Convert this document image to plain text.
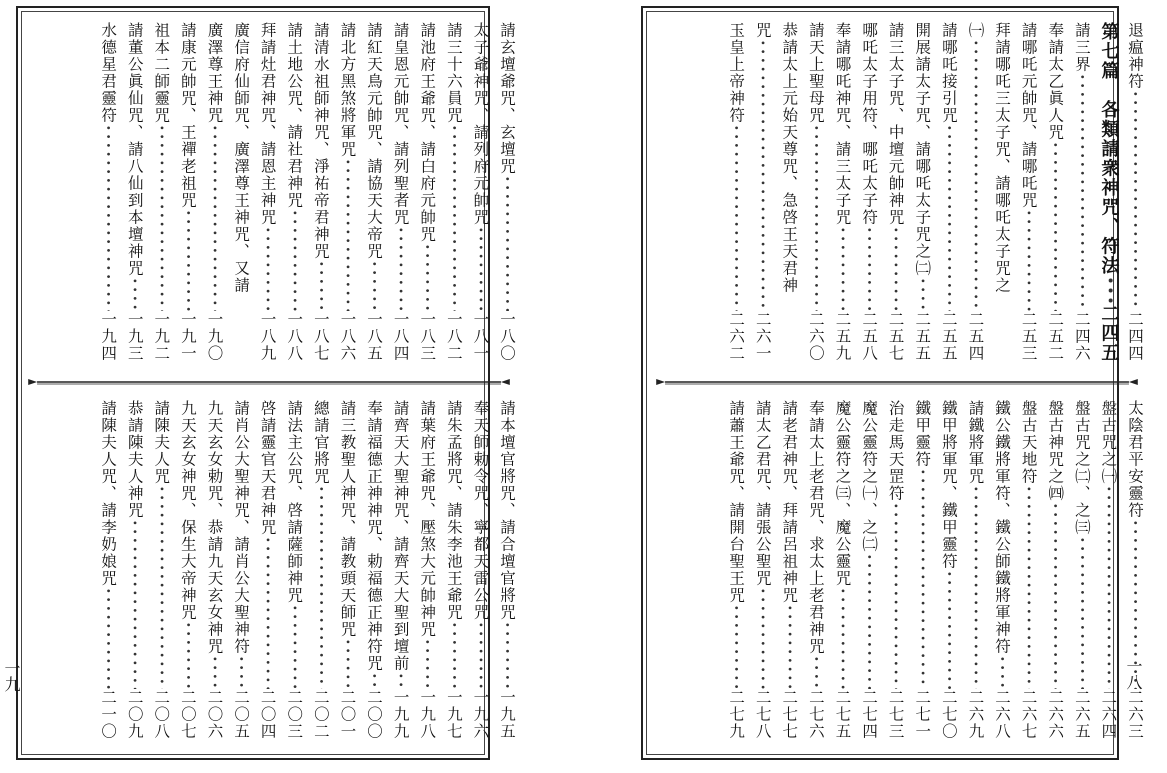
請玄壇爺咒、玄壇咒
･････････････････････････････････････････････････････････････
一八〇
太子爺神咒、請列府元帥咒
･････････････････････････････････････････････････････････････
一八一
請三十六員咒
･････････････････････････････････････････････････････････････
一八二
請池府王爺咒、請白府元帥咒
･････････････････････････････････････････････････････････････
一八三
請皇恩元帥咒、請列聖者咒
･････････････････････････････････････････････････････････････
一八四
請紅天鳥元帥咒、請協天大帝咒
･････････････････････････････････････････････････････････････
一八五
請北方黑煞將軍咒
･････････････････････････････････････････････････････････････
一八六
請清水祖師神咒、淨祐帝君神咒
･････････････････････････････････････････････････････････････
一八七
請土地公咒、請社君神咒
･････････････････････････････････････････････････････････････
一八八
拜請灶君神咒、請恩主神咒
･････････････････････････････････････････････････････････････
一八九
廣信府仙師咒、廣澤尊王神咒、又請
廣澤尊王神咒
･････････････････････････････････････････････････････････････
一九〇
請康元帥咒、王禪老祖咒
･････････････････････････････････････････････････････････････
一九一
祖本二師靈咒
･････････････････････････････････････････････････････････････
一九二
請董公眞仙咒、請八仙到本壇神咒
･････････････････････････････････････････････････････････････
一九三
水德星君靈符
･････････････････････････････････････････････････････････････
一九四
請本壇官將咒、請合壇官將咒
･････････････････････････････････････････････････････････････
一九五
奉天師勅令咒、寧都天雷公咒
･････････････････････････････････････････････････････････････
一九六
請朱孟將咒、請朱李池王爺咒
･････････････････････････････････････････････････････････････
一九七
請葉府王爺咒、壓煞大元帥神咒
･････････････････････････････････････････････････････････････
一九八
請齊天大聖神咒、請齊天大聖到壇前
･････････････････････････････････････････････････････････････
一九九
奉請福德正神神咒、勅福德正神符咒
･････････････････････････････････････････････････････････････
二〇〇
請三教聖人神咒、請教頭天師咒
･････････････････････････････････････････････････････････････
二〇一
總請官將咒
･････････････････････････････････････････････････････････････
二〇二
請法主公咒、啓請薩師神咒
･････････････････････････････････････････････････････････････
二〇三
啓請靈官天君神咒
･････････････････････････････････････････････････････････････
二〇四
請肖公大聖神咒、請肖公大聖神符
･････････････････････････････････････････････････････････････
二〇五
九天玄女勅咒、恭請九天玄女神咒
･････････････････････････････････････････････････････････････
二〇六
九天玄女神咒、保生大帝神咒
･････････････････････････････････････････････････････････････
二〇七
請陳夫人咒
･････････････････････････････････････････････････････････････
二〇八
恭請陳夫人神咒
･････････････････････････････････････････････････････････････
二〇九
請陳夫人咒、請李奶娘咒
･････････････････････････････････････････････････････････････
二一〇
退瘟神符
･････････････････････････････････････････････････････････････
二四四
第七篇　各類請衆神咒、符法
･････････････････････････････････････････････････････････････
二四五
請三界
･････････････････････････････････････････････････････････････
二四六
奉請太乙眞人咒
･････････････････････････････････････････････････････････････
二五二
請哪吒元帥咒、請哪吒咒
･････････････････････････････････････････････････････････････
二五三
拜請哪吒三太子咒、請哪吒太子咒之
㈠
･････････････････････････････････････････････････････････････
二五四
請哪吒接引咒
･････････････････････････････････････････････････････････････
二五五
開展請太子咒、請哪吒太子咒之㈡
･････････････････････････････････････････････････････････････
二五五
請三太子咒、中壇元帥神咒
･････････････････････････････････････････････････････････････
二五七
哪吒太子用符、哪吒太子符
･････････････････････････････････････････････････････････････
二五八
奉請哪吒神咒、請三太子咒
･････････････････････････････････････････････････････････････
二五九
請天上聖母咒
･････････････････････････････････････････････････････････････
二六〇
恭請太上元始天尊咒、急啓王天君神
咒
･････････････････････････････････････････････････････････････
二六一
玉皇上帝神符
･････････････････････････････････････････････････････････････
二六二
太陰君平安靈符
･････････････････････････････････････････････････････････････
二六三
盤古咒之㈠
･････････････････････････････････････････････････････････････
二六四
盤古咒之㈡、之㈢
･････････････････････････････････････････････････････････････
二六五
盤古神咒之㈣
･････････････････････････････････････････････････････････････
二六六
盤古天地符
･････････････････････････････････････････････････････････････
二六七
鐵公鐵將軍符、鐵公師鐵將軍神符
･････････････････････････････････････････････････････････････
二六八
請鐵將軍咒
･････････････････････････････････････････････････････････････
二六九
鐵甲將軍咒、鐵甲靈符
･････････････････････････････････････････････････････････････
二七〇
鐵甲靈符
･････････････････････････････････････････････････････････････
二七一
治走馬天罡符
･････････････････････････････････････････････････････････････
二七三
魔公靈符之㈠、之㈡
･････････････････････････････････････････････････････････････
二七四
魔公靈符之㈢、魔公靈咒
･････････････････････････････････････････････････････････････
二七五
奉請太上老君咒、求太上老君神咒
･････････････････････････････････････････････････････････････
二七六
請老君神咒、拜請呂祖神咒
･････････････････････････････････････････････････････････････
二七七
請太乙君咒、請張公聖咒
･････････････････････････････････････････････････････････････
二七八
請蕭王爺咒、請開台聖王咒
･････････････････････････････････････････････････････････････
二七九
一九	一八
